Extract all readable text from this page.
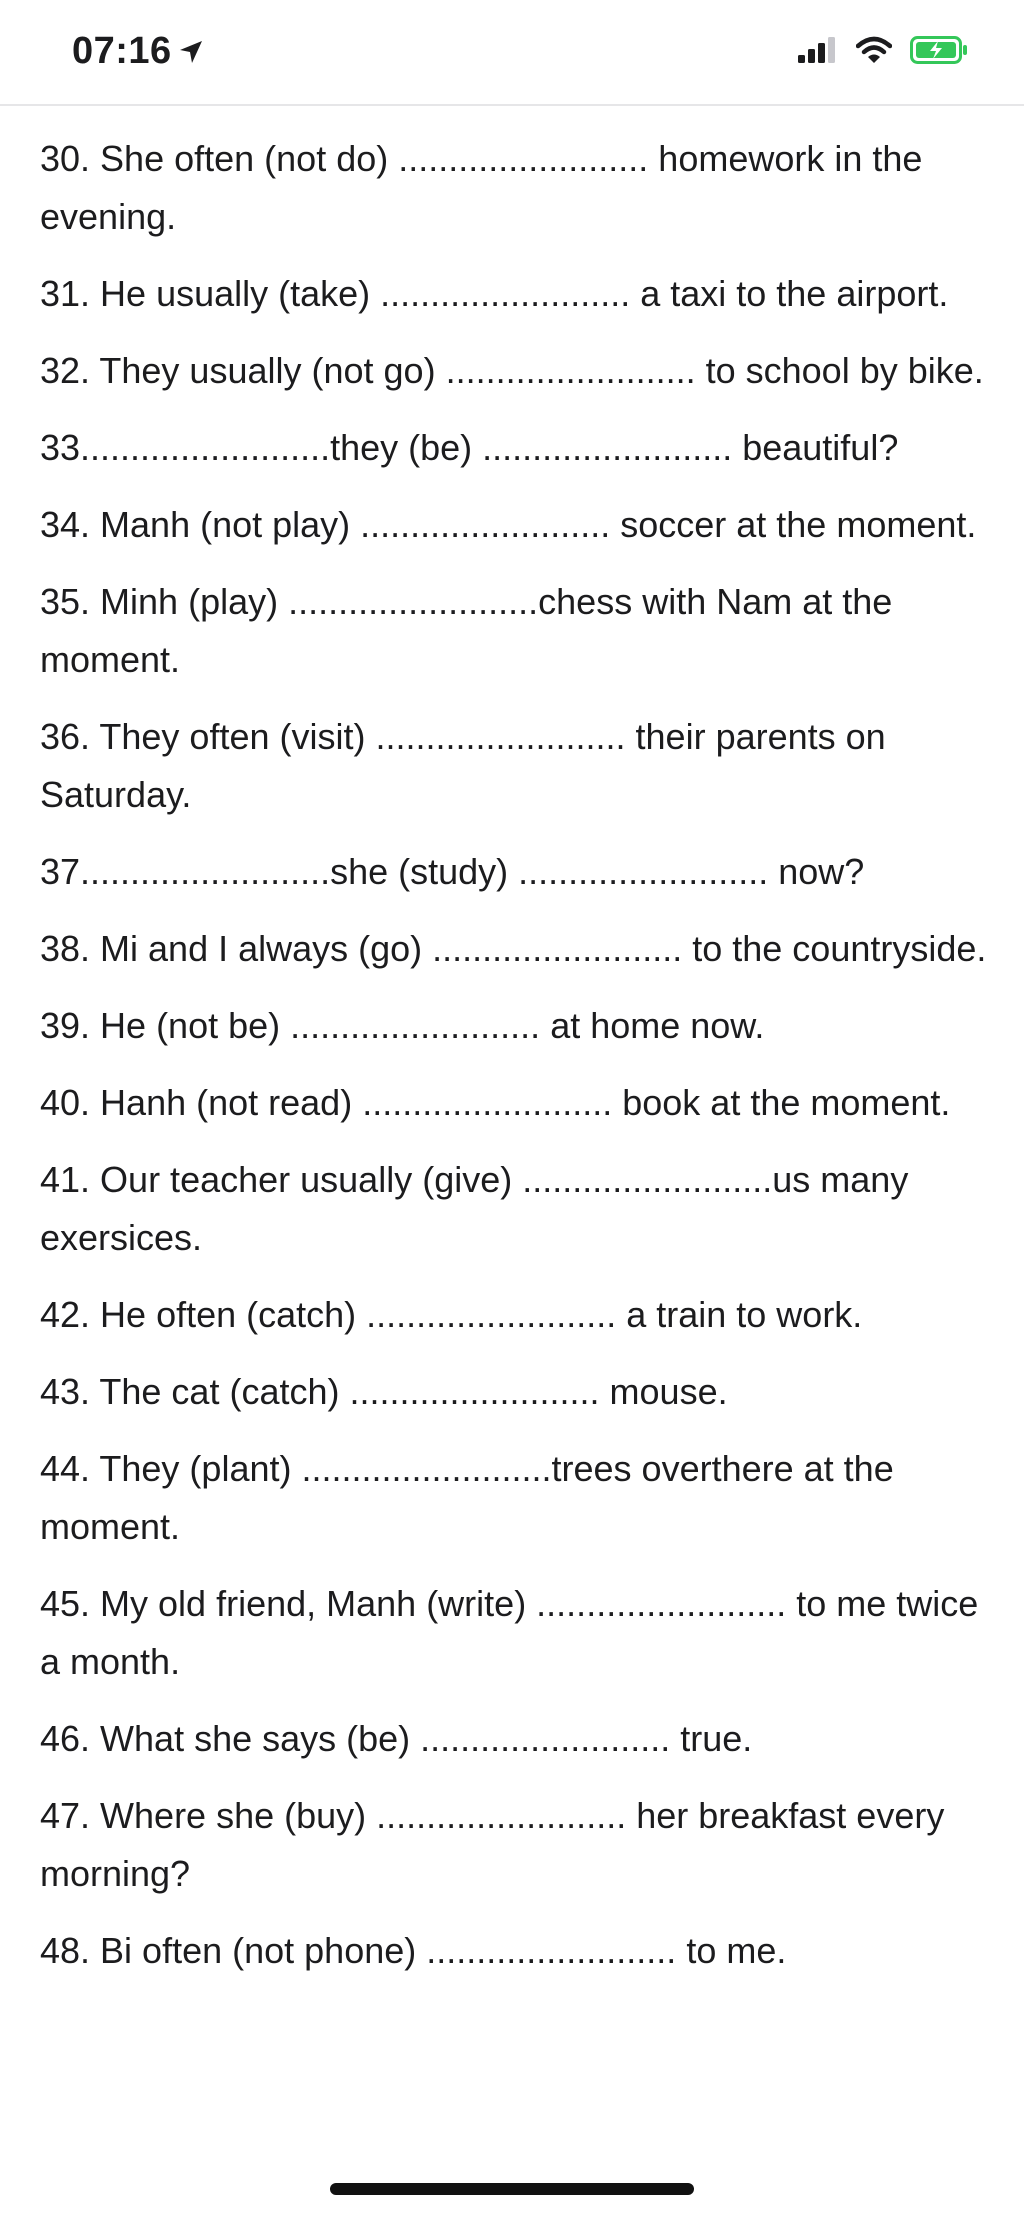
07:16

30. She often (not do) ......................... homework in the evening.

31. He usually (take) ......................... a taxi to the airport.

32. They usually (not go) ......................... to school by bike.

33.........................they (be) ......................... beautiful?

34. Manh (not play) ......................... soccer at the moment.

35. Minh (play) .........................chess with Nam at the moment.

36. They often (visit) ......................... their parents on Saturday.

37.........................she (study) ......................... now?

38. Mi and I always (go) ......................... to the countryside.

39. He (not be) ......................... at home now.

40. Hanh (not read) ......................... book at the moment.

41. Our teacher usually (give) .........................us many exersices.

42. He often (catch) ......................... a train to work.

43. The cat (catch) ......................... mouse.

44. They (plant) .........................trees overthere at the moment.

45. My old friend, Manh (write) ......................... to me twice a month.

46. What she says (be) ......................... true.

47. Where she (buy) ......................... her breakfast every morning?

48. Bi often (not phone) ......................... to me.
